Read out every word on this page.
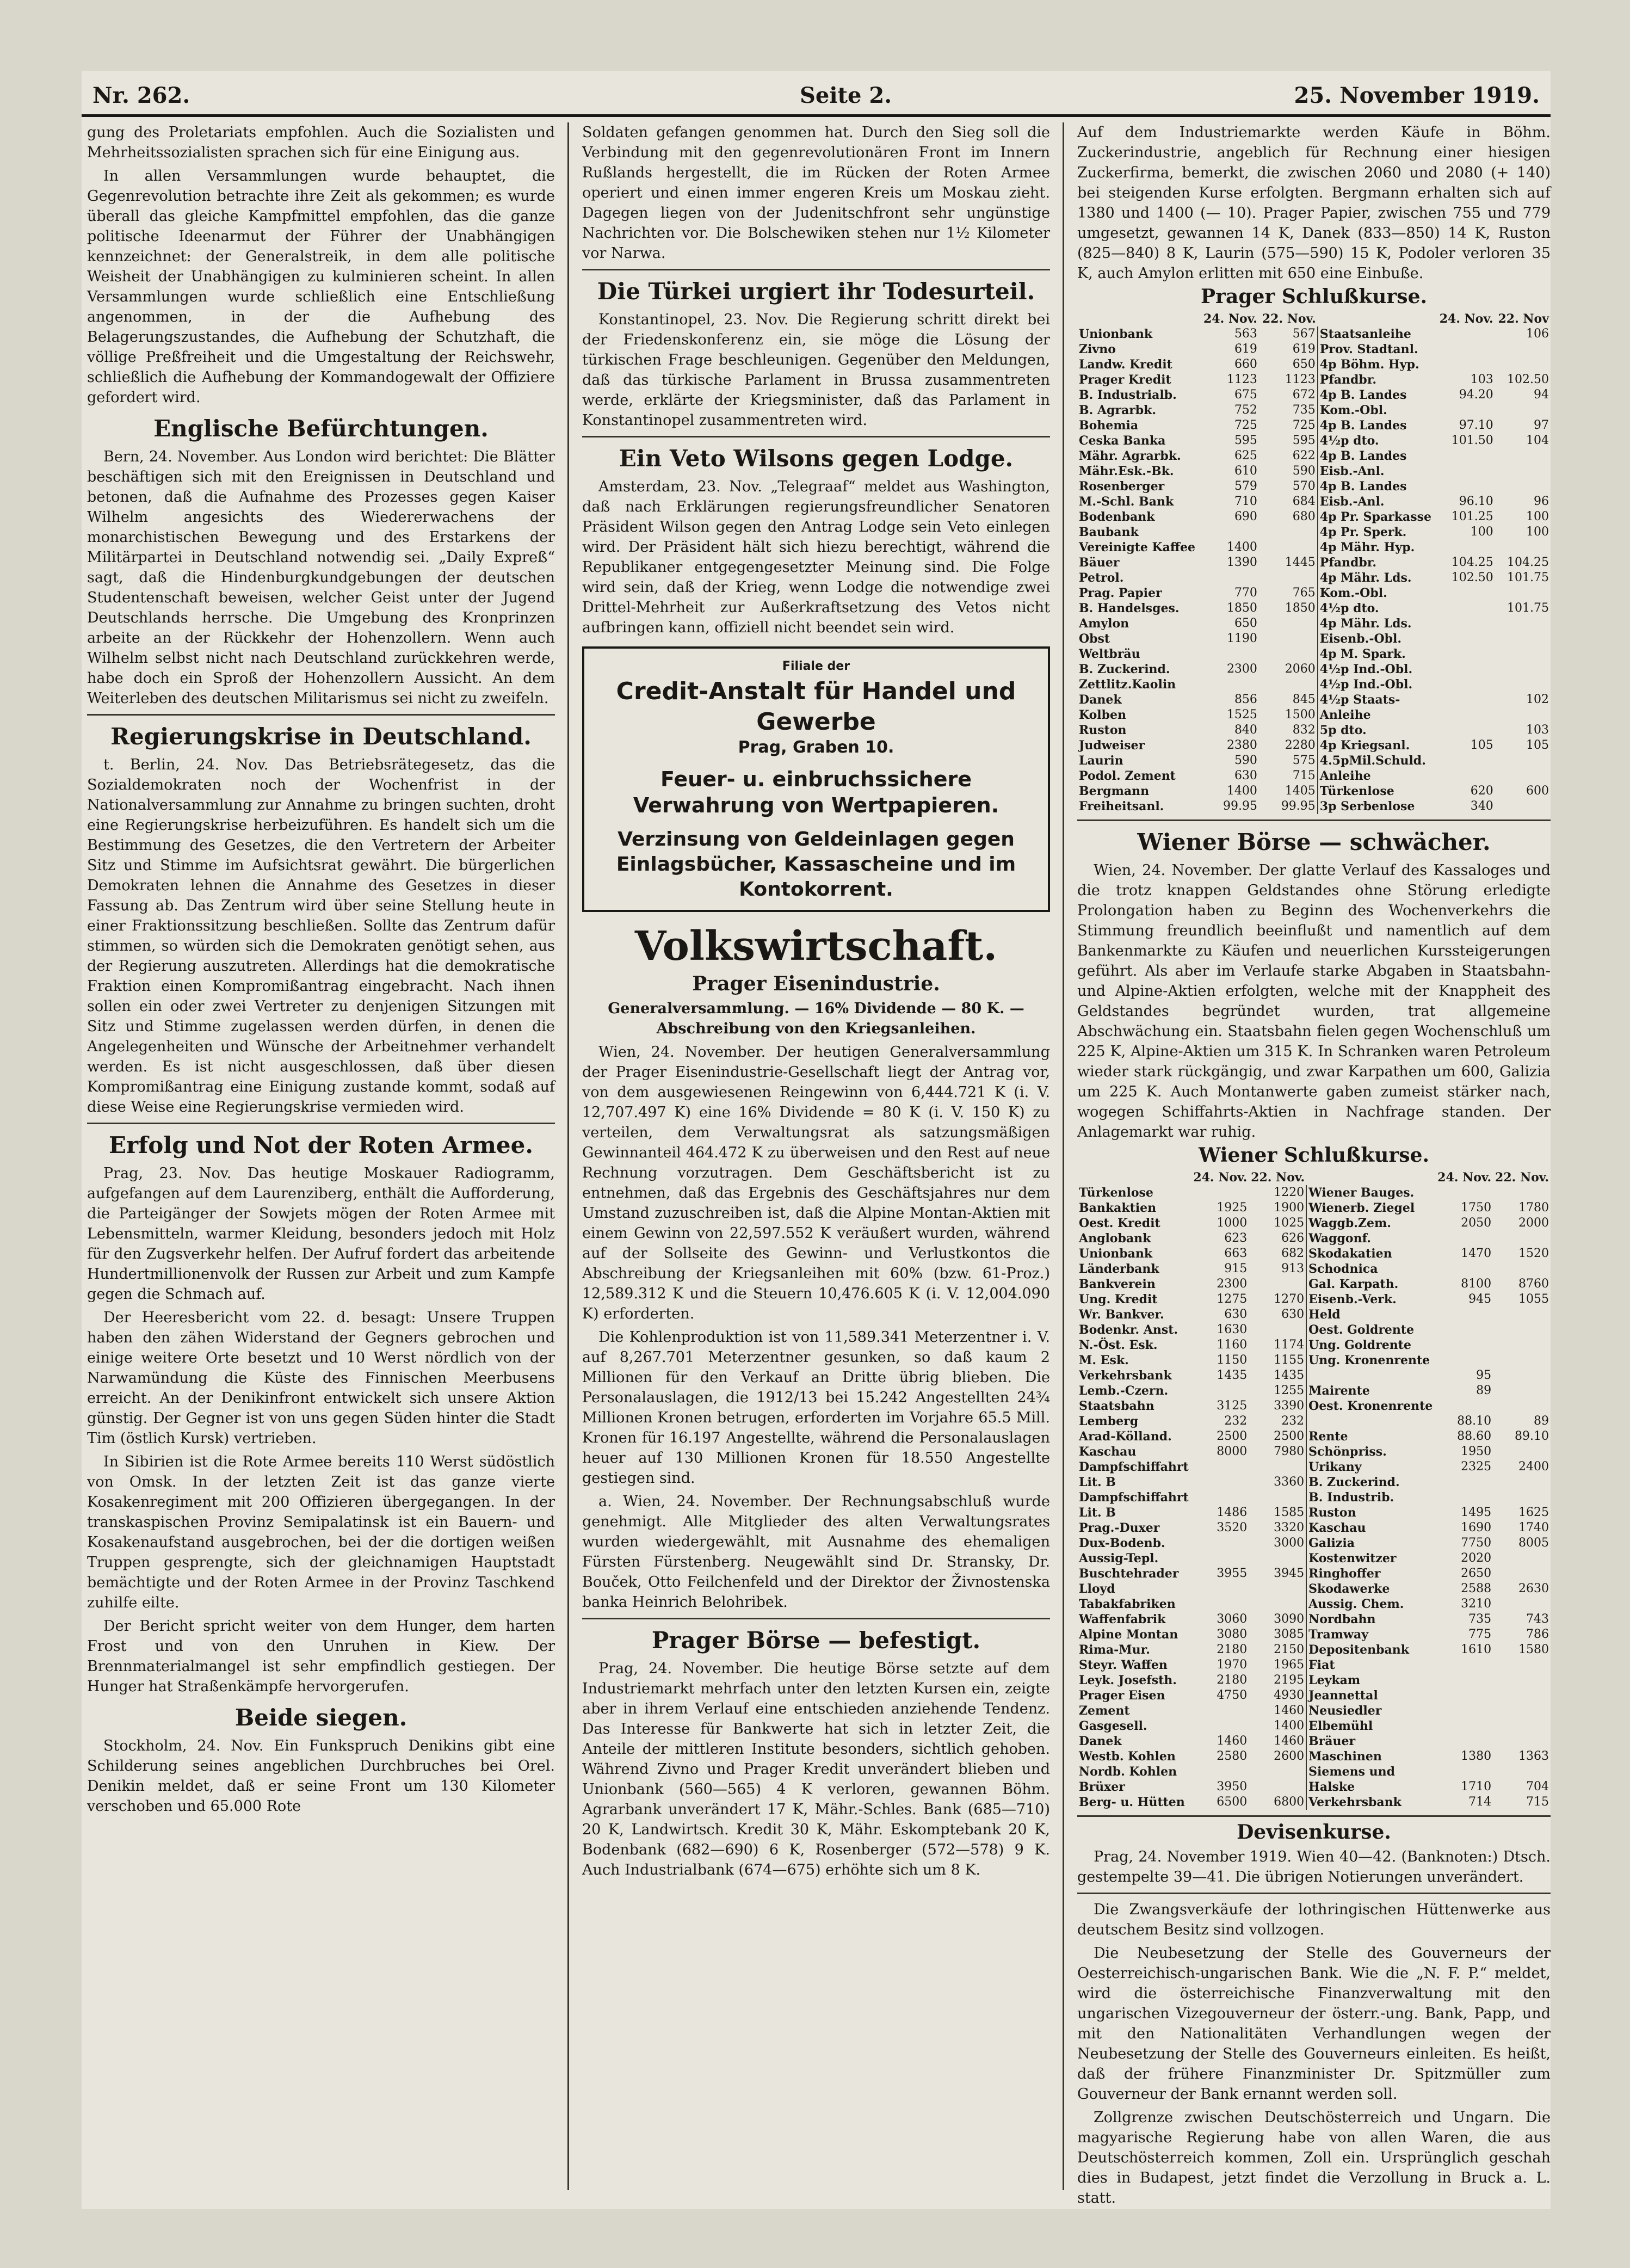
Nr. 262.	Seite 2.	25. November 1919.

gung des Proletariats empfohlen. Auch die Sozialisten und Mehrheitssozialisten sprachen sich für eine Einigung aus.

In allen Versammlungen wurde behauptet, die Gegenrevolution betrachte ihre Zeit als gekommen; es wurde überall das gleiche Kampfmittel empfohlen, das die ganze politische Ideenarmut der Führer der Unabhängigen kennzeichnet: der Generalstreik, in dem alle politische Weisheit der Unabhängigen zu kulminieren scheint. In allen Versammlungen wurde schließlich eine Entschließung angenommen, in der die Aufhebung des Belagerungszustandes, die Aufhebung der Schutzhaft, die völlige Preßfreiheit und die Umgestaltung der Reichswehr, schließlich die Aufhebung der Kommandogewalt der Offiziere gefordert wird.

Englische Befürchtungen.

Bern, 24. November. Aus London wird berichtet: Die Blätter beschäftigen sich mit den Ereignissen in Deutschland und betonen, daß die Aufnahme des Prozesses gegen Kaiser Wilhelm angesichts des Wiedererwachens der monarchistischen Bewegung und des Erstarkens der Militärpartei in Deutschland notwendig sei. „Daily Expreß“ sagt, daß die Hindenburgkundgebungen der deutschen Studentenschaft beweisen, welcher Geist unter der Jugend Deutschlands herrsche. Die Umgebung des Kronprinzen arbeite an der Rückkehr der Hohenzollern. Wenn auch Wilhelm selbst nicht nach Deutschland zurückkehren werde, habe doch ein Sproß der Hohenzollern Aussicht. An dem Weiterleben des deutschen Militarismus sei nicht zu zweifeln.

Regierungskrise in Deutschland.

t. Berlin, 24. Nov. Das Betriebsrätegesetz, das die Sozialdemokraten noch der Wochenfrist in der Nationalversammlung zur Annahme zu bringen suchten, droht eine Regierungskrise herbeizuführen. Es handelt sich um die Bestimmung des Gesetzes, die den Vertretern der Arbeiter Sitz und Stimme im Aufsichtsrat gewährt. Die bürgerlichen Demokraten lehnen die Annahme des Gesetzes in dieser Fassung ab. Das Zentrum wird über seine Stellung heute in einer Fraktionssitzung beschließen. Sollte das Zentrum dafür stimmen, so würden sich die Demokraten genötigt sehen, aus der Regierung auszutreten. Allerdings hat die demokratische Fraktion einen Kompromißantrag eingebracht. Nach ihnen sollen ein oder zwei Vertreter zu denjenigen Sitzungen mit Sitz und Stimme zugelassen werden dürfen, in denen die Angelegenheiten und Wünsche der Arbeitnehmer verhandelt werden. Es ist nicht ausgeschlossen, daß über diesen Kompromißantrag eine Einigung zustande kommt, sodaß auf diese Weise eine Regierungskrise vermieden wird.

Erfolg und Not der Roten Armee.

Prag, 23. Nov. Das heutige Moskauer Radiogramm, aufgefangen auf dem Laurenziberg, enthält die Aufforderung, die Parteigänger der Sowjets mögen der Roten Armee mit Lebensmitteln, warmer Kleidung, besonders jedoch mit Holz für den Zugsverkehr helfen. Der Aufruf fordert das arbeitende Hundertmillionenvolk der Russen zur Arbeit und zum Kampfe gegen die Schmach auf.

Der Heeresbericht vom 22. d. besagt: Unsere Truppen haben den zähen Widerstand der Gegners gebrochen und einige weitere Orte besetzt und 10 Werst nördlich von der Narwamündung die Küste des Finnischen Meerbusens erreicht. An der Denikinfront entwickelt sich unsere Aktion günstig. Der Gegner ist von uns gegen Süden hinter die Stadt Tim (östlich Kursk) vertrieben.

In Sibirien ist die Rote Armee bereits 110 Werst südöstlich von Omsk. In der letzten Zeit ist das ganze vierte Kosakenregiment mit 200 Offizieren übergegangen. In der transkaspischen Provinz Semipalatinsk ist ein Bauern- und Kosakenaufstand ausgebrochen, bei der die dortigen weißen Truppen gesprengte, sich der gleichnamigen Hauptstadt bemächtigte und der Roten Armee in der Provinz Taschkend zuhilfe eilte.

Der Bericht spricht weiter von dem Hunger, dem harten Frost und von den Unruhen in Kiew. Der Brennmaterialmangel ist sehr empfindlich gestiegen. Der Hunger hat Straßenkämpfe hervorgerufen.

Beide siegen.

Stockholm, 24. Nov. Ein Funkspruch Denikins gibt eine Schilderung seines angeblichen Durchbruches bei Orel. Denikin meldet, daß er seine Front um 130 Kilometer verschoben und 65.000 Rote

Soldaten gefangen genommen hat. Durch den Sieg soll die Verbindung mit den gegenrevolutionären Front im Innern Rußlands hergestellt, die im Rücken der Roten Armee operiert und einen immer engeren Kreis um Moskau zieht. Dagegen liegen von der Judenitschfront sehr ungünstige Nachrichten vor. Die Bolschewiken stehen nur 1½ Kilometer vor Narwa.

Die Türkei urgiert ihr Todesurteil.

Konstantinopel, 23. Nov. Die Regierung schritt direkt bei der Friedenskonferenz ein, sie möge die Lösung der türkischen Frage beschleunigen. Gegenüber den Meldungen, daß das türkische Parlament in Brussa zusammentreten werde, erklärte der Kriegsminister, daß das Parlament in Konstantinopel zusammentreten wird.

Ein Veto Wilsons gegen Lodge.

Amsterdam, 23. Nov. „Telegraaf“ meldet aus Washington, daß nach Erklärungen regierungsfreundlicher Senatoren Präsident Wilson gegen den Antrag Lodge sein Veto einlegen wird. Der Präsident hält sich hiezu berechtigt, während die Republikaner entgegengesetzter Meinung sind. Die Folge wird sein, daß der Krieg, wenn Lodge die notwendige zwei Drittel-Mehrheit zur Außerkraftsetzung des Vetos nicht aufbringen kann, offiziell nicht beendet sein wird.

Filiale der
Credit-Anstalt für Handel und Gewerbe
Prag, Graben 10.
Feuer- u. einbruchssichere Verwahrung von Wertpapieren.
Verzinsung von Geldeinlagen gegen Einlagsbücher, Kassascheine und im Kontokorrent.
Volkswirtschaft.
Prager Eisenindustrie.

Generalversammlung. — 16% Dividende — 80 K. — Abschreibung von den Kriegsanleihen.

Wien, 24. November. Der heutigen Generalversammlung der Prager Eisenindustrie-Gesellschaft liegt der Antrag vor, von dem ausgewiesenen Reingewinn von 6,444.721 K (i. V. 12,707.497 K) eine 16% Dividende = 80 K (i. V. 150 K) zu verteilen, dem Verwaltungsrat als satzungsmäßigen Gewinnanteil 464.472 K zu überweisen und den Rest auf neue Rechnung vorzutragen. Dem Geschäftsbericht ist zu entnehmen, daß das Ergebnis des Geschäftsjahres nur dem Umstand zuzuschreiben ist, daß die Alpine Montan-Aktien mit einem Gewinn von 22,597.552 K veräußert wurden, während auf der Sollseite des Gewinn- und Verlustkontos die Abschreibung der Kriegsanleihen mit 60% (bzw. 61-Proz.) 12,589.312 K und die Steuern 10,476.605 K (i. V. 12,004.090 K) erforderten.

Die Kohlenproduktion ist von 11,589.341 Meterzentner i. V. auf 8,267.701 Meterzentner gesunken, so daß kaum 2 Millionen für den Verkauf an Dritte übrig blieben. Die Personalauslagen, die 1912/13 bei 15.242 Angestellten 24¾ Millionen Kronen betrugen, erforderten im Vorjahre 65.5 Mill. Kronen für 16.197 Angestellte, während die Personalauslagen heuer auf 130 Millionen Kronen für 18.550 Angestellte gestiegen sind.

a. Wien, 24. November. Der Rechnungsabschluß wurde genehmigt. Alle Mitglieder des alten Verwaltungsrates wurden wiedergewählt, mit Ausnahme des ehemaligen Fürsten Fürstenberg. Neugewählt sind Dr. Stransky, Dr. Bouček, Otto Feilchenfeld und der Direktor der Živnostenska banka Heinrich Belohribek.

Prager Börse — befestigt.

Prag, 24. November. Die heutige Börse setzte auf dem Industriemarkt mehrfach unter den letzten Kursen ein, zeigte aber in ihrem Verlauf eine entschieden anziehende Tendenz. Das Interesse für Bankwerte hat sich in letzter Zeit, die Anteile der mittleren Institute besonders, sichtlich gehoben. Während Zivno und Prager Kredit unverändert blieben und Unionbank (560—565) 4 K verloren, gewannen Böhm. Agrarbank unverändert 17 K, Mähr.-Schles. Bank (685—710) 20 K, Landwirtsch. Kredit 30 K, Mähr. Eskomptebank 20 K, Bodenbank (682—690) 6 K, Rosenberger (572—578) 9 K. Auch Industrialbank (674—675) erhöhte sich um 8 K.

Auf dem Industriemarkte werden Käufe in Böhm. Zuckerindustrie, angeblich für Rechnung einer hiesigen Zuckerfirma, bemerkt, die zwischen 2060 und 2080 (+ 140) bei steigenden Kurse erfolgten. Bergmann erhalten sich auf 1380 und 1400 (— 10). Prager Papier, zwischen 755 und 779 umgesetzt, gewannen 14 K, Danek (833—850) 14 K, Ruston (825—840) 8 K, Laurin (575—590) 15 K, Podoler verloren 35 K, auch Amylon erlitten mit 650 eine Einbuße.

Prager Schlußkurse.
	24. Nov.	22. Nov.		24. Nov.	22. Nov
Unionbank	563	567	Staatsanleihe		106
Zivno	619	619	Prov. Stadtanl.		
Landw. Kredit	660	650	4p Böhm. Hyp.		
Prager Kredit	1123	1123	Pfandbr.	103	102.50
B. Industrialb.	675	672	4p B. Landes	94.20	94
B. Agrarbk.	752	735	Kom.-Obl.		
Bohemia	725	725	4p B. Landes	97.10	97
Ceska Banka	595	595	4½p dto.	101.50	104
Mähr. Agrarbk.	625	622	4p B. Landes		
Mähr.Esk.-Bk.	610	590	Eisb.-Anl.		
Rosenberger	579	570	4p B. Landes		
M.-Schl. Bank	710	684	Eisb.-Anl.	96.10	96
Bodenbank	690	680	4p Pr. Sparkasse	101.25	100
Baubank			4p Pr. Sperk.	100	100
Vereinigte Kaffee	1400		4p Mähr. Hyp.		
Bäuer	1390	1445	Pfandbr.	104.25	104.25
Petrol.			4p Mähr. Lds.	102.50	101.75
Prag. Papier	770	765	Kom.-Obl.		
B. Handelsges.	1850	1850	4½p dto.		101.75
Amylon	650		4p Mähr. Lds.		
Obst	1190		Eisenb.-Obl.		
Weltbräu			4p M. Spark.		
B. Zuckerind.	2300	2060	4½p Ind.-Obl.		
Zettlitz.Kaolin			4½p Ind.-Obl.		
Danek	856	845	4½p Staats-		102
Kolben	1525	1500	Anleihe		
Ruston	840	832	5p dto.		103
Judweiser	2380	2280	4p Kriegsanl.	105	105
Laurin	590	575	4.5pMil.Schuld.		
Podol. Zement	630	715	Anleihe		
Bergmann	1400	1405	Türkenlose	620	600
Freiheitsanl.	99.95	99.95	3p Serbenlose	340	
Wiener Börse — schwächer.

Wien, 24. November. Der glatte Verlauf des Kassaloges und die trotz knappen Geldstandes ohne Störung erledigte Prolongation haben zu Beginn des Wochenverkehrs die Stimmung freundlich beeinflußt und namentlich auf dem Bankenmarkte zu Käufen und neuerlichen Kurssteigerungen geführt. Als aber im Verlaufe starke Abgaben in Staatsbahn- und Alpine-Aktien erfolgten, welche mit der Knappheit des Geldstandes begründet wurden, trat allgemeine Abschwächung ein. Staatsbahn fielen gegen Wochenschluß um 225 K, Alpine-Aktien um 315 K. In Schranken waren Petroleum wieder stark rückgängig, und zwar Karpathen um 600, Galizia um 225 K. Auch Montanwerte gaben zumeist stärker nach, wogegen Schiffahrts-Aktien in Nachfrage standen. Der Anlagemarkt war ruhig.

Wiener Schlußkurse.
	24. Nov.	22. Nov.		24. Nov.	22. Nov.
Türkenlose		1220	Wiener Bauges.		
Bankaktien	1925	1900	Wienerb. Ziegel	1750	1780
Oest. Kredit	1000	1025	Waggb.Zem.	2050	2000
Anglobank	623	626	Waggonf.		
Unionbank	663	682	Skodakatien	1470	1520
Länderbank	915	913	Schodnica		
Bankverein	2300		Gal. Karpath.	8100	8760
Ung. Kredit	1275	1270	Eisenb.-Verk.	945	1055
Wr. Bankver.	630	630	Held		
Bodenkr. Anst.	1630		Oest. Goldrente		
N.-Öst. Esk.	1160	1174	Ung. Goldrente		
M. Esk.	1150	1155	Ung. Kronenrente		
Verkehrsbank	1435	1435		95	
Lemb.-Czern.		1255	Mairente	89	
Staatsbahn	3125	3390	Oest. Kronenrente		
Lemberg	232	232		88.10	89
Arad-Kölland.	2500	2500	Rente	88.60	89.10
Kaschau	8000	7980	Schönpriss.	1950	
Dampfschiffahrt			Urikany	2325	2400
Lit. B		3360	B. Zuckerind.		
Dampfschiffahrt			B. Industrib.		
Lit. B	1486	1585	Ruston	1495	1625
Prag.-Duxer	3520	3320	Kaschau	1690	1740
Dux-Bodenb.		3000	Galizia	7750	8005
Aussig-Tepl.			Kostenwitzer	2020	
Buschtehrader	3955	3945	Ringhoffer	2650	
Lloyd			Skodawerke	2588	2630
Tabakfabriken			Aussig. Chem.	3210	
Waffenfabrik	3060	3090	Nordbahn	735	743
Alpine Montan	3080	3085	Tramway	775	786
Rima-Mur.	2180	2150	Depositenbank	1610	1580
Steyr. Waffen	1970	1965	Fiat		
Leyk. Josefsth.	2180	2195	Leykam		
Prager Eisen	4750	4930	Jeannettal		
Zement		1460	Neusiedler		
Gasgesell.		1400	Elbemühl		
Danek	1460	1460	Bräuer		
Westb. Kohlen	2580	2600	Maschinen	1380	1363
Nordb. Kohlen			Siemens und		
Brüxer	3950		Halske	1710	704
Berg- u. Hütten	6500	6800	Verkehrsbank	714	715
Devisenkurse.

Prag, 24. November 1919. Wien 40—42. (Banknoten:) Dtsch. gestempelte 39—41. Die übrigen Notierungen unverändert.

Die Zwangsverkäufe der lothringischen Hüttenwerke aus deutschem Besitz sind vollzogen.

Die Neubesetzung der Stelle des Gouverneurs der Oesterreichisch-ungarischen Bank. Wie die „N. F. P.“ meldet, wird die österreichische Finanzverwaltung mit den ungarischen Vizegouverneur der österr.-ung. Bank, Papp, und mit den Nationalitäten Verhandlungen wegen der Neubesetzung der Stelle des Gouverneurs einleiten. Es heißt, daß der frühere Finanzminister Dr. Spitzmüller zum Gouverneur der Bank ernannt werden soll.

Zollgrenze zwischen Deutschösterreich und Ungarn. Die magyarische Regierung habe von allen Waren, die aus Deutschösterreich kommen, Zoll ein. Ursprünglich geschah dies in Budapest, jetzt findet die Verzollung in Bruck a. L. statt.
